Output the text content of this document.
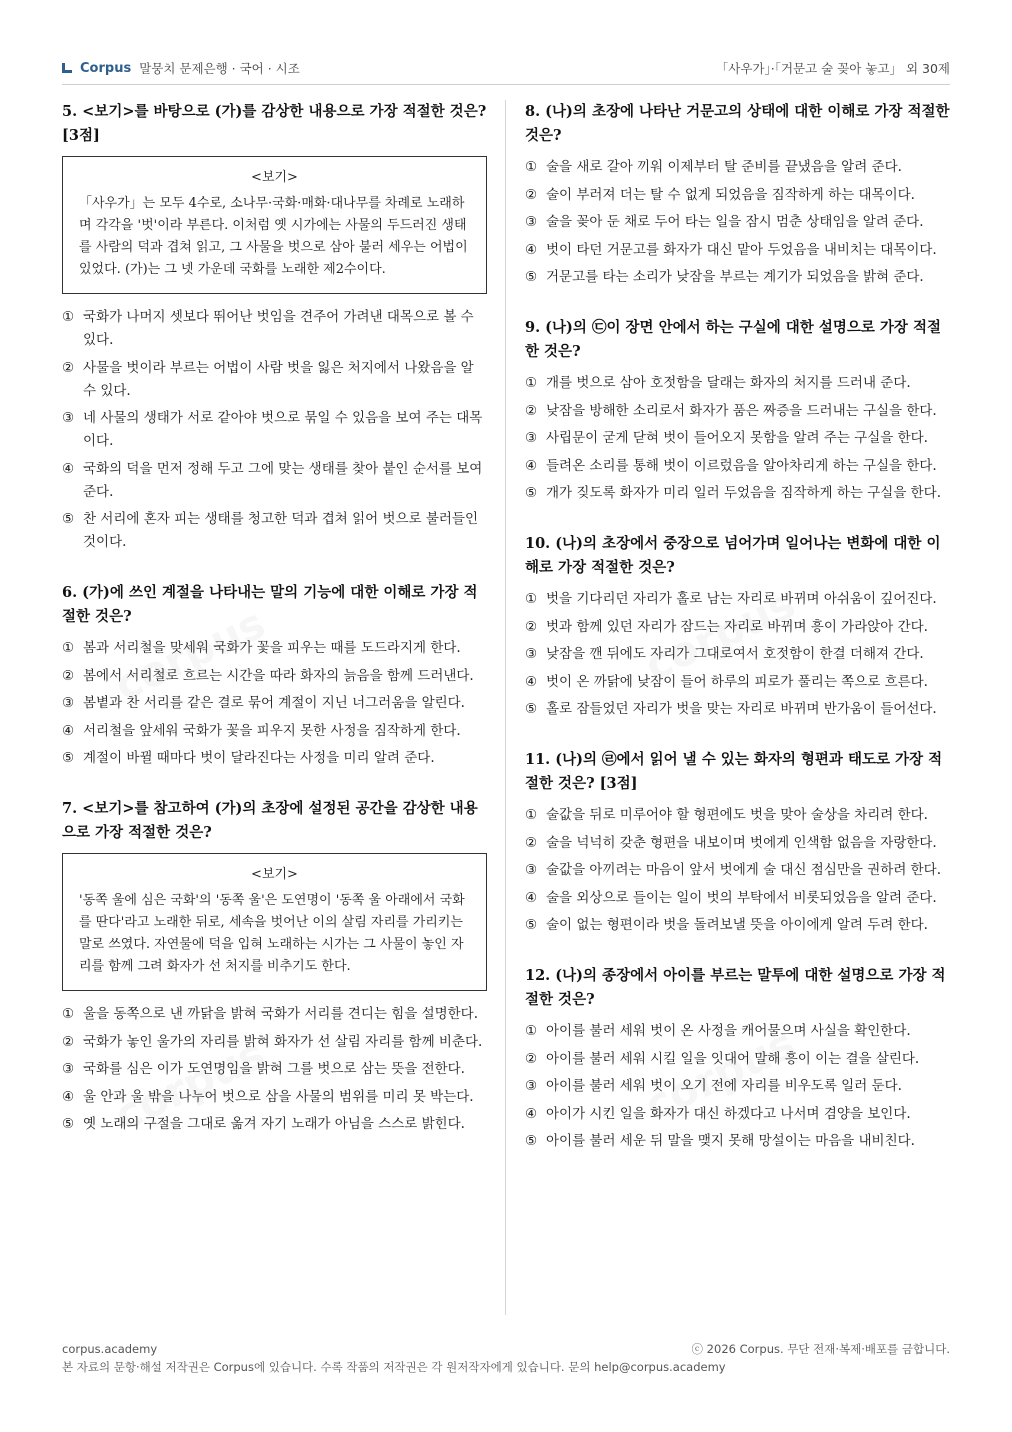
Corpus 말뭉치 문제은행 · 국어 · 시조	「사우가」·「거문고 술 꽂아 놓고」 외 30제

5. <보기>를 바탕으로 (가)를 감상한 내용으로 가장 적절한 것은? [3점]

<보기>

「사우가」는 모두 4수로, 소나무·국화·매화·대나무를 차례로 노래하며 각각을 '벗'이라 부른다. 이처럼 옛 시가에는 사물의 두드러진 생태를 사람의 덕과 겹쳐 읽고, 그 사물을 벗으로 삼아 불러 세우는 어법이 있었다. (가)는 그 넷 가운데 국화를 노래한 제2수이다.

① 국화가 나머지 셋보다 뛰어난 벗임을 견주어 가려낸 대목으로 볼 수 있다.
② 사물을 벗이라 부르는 어법이 사람 벗을 잃은 처지에서 나왔음을 알 수 있다.
③ 네 사물의 생태가 서로 같아야 벗으로 묶일 수 있음을 보여 주는 대목이다.
④ 국화의 덕을 먼저 정해 두고 그에 맞는 생태를 찾아 붙인 순서를 보여 준다.
⑤ 찬 서리에 혼자 피는 생태를 청고한 덕과 겹쳐 읽어 벗으로 불러들인 것이다.

6. (가)에 쓰인 계절을 나타내는 말의 기능에 대한 이해로 가장 적절한 것은?

① 봄과 서리철을 맞세워 국화가 꽃을 피우는 때를 도드라지게 한다.
② 봄에서 서리철로 흐르는 시간을 따라 화자의 늙음을 함께 드러낸다.
③ 봄볕과 찬 서리를 같은 결로 묶어 계절이 지닌 너그러움을 알린다.
④ 서리철을 앞세워 국화가 꽃을 피우지 못한 사정을 짐작하게 한다.
⑤ 계절이 바뀔 때마다 벗이 달라진다는 사정을 미리 알려 준다.

7. <보기>를 참고하여 (가)의 초장에 설정된 공간을 감상한 내용으로 가장 적절한 것은?

<보기>

'동쪽 울에 심은 국화'의 '동쪽 울'은 도연명이 '동쪽 울 아래에서 국화를 딴다'라고 노래한 뒤로, 세속을 벗어난 이의 살림 자리를 가리키는 말로 쓰였다. 자연물에 덕을 입혀 노래하는 시가는 그 사물이 놓인 자리를 함께 그려 화자가 선 처지를 비추기도 한다.

① 울을 동쪽으로 낸 까닭을 밝혀 국화가 서리를 견디는 힘을 설명한다.
② 국화가 놓인 울가의 자리를 밝혀 화자가 선 살림 자리를 함께 비춘다.
③ 국화를 심은 이가 도연명임을 밝혀 그를 벗으로 삼는 뜻을 전한다.
④ 울 안과 울 밖을 나누어 벗으로 삼을 사물의 범위를 미리 못 박는다.
⑤ 옛 노래의 구절을 그대로 옮겨 자기 노래가 아님을 스스로 밝힌다.

8. (나)의 초장에 나타난 거문고의 상태에 대한 이해로 가장 적절한 것은?

① 술을 새로 갈아 끼워 이제부터 탈 준비를 끝냈음을 알려 준다.
② 술이 부러져 더는 탈 수 없게 되었음을 짐작하게 하는 대목이다.
③ 술을 꽂아 둔 채로 두어 타는 일을 잠시 멈춘 상태임을 알려 준다.
④ 벗이 타던 거문고를 화자가 대신 맡아 두었음을 내비치는 대목이다.
⑤ 거문고를 타는 소리가 낮잠을 부르는 계기가 되었음을 밝혀 준다.

9. (나)의 ㉢이 장면 안에서 하는 구실에 대한 설명으로 가장 적절한 것은?

① 개를 벗으로 삼아 호젓함을 달래는 화자의 처지를 드러내 준다.
② 낮잠을 방해한 소리로서 화자가 품은 짜증을 드러내는 구실을 한다.
③ 사립문이 굳게 닫혀 벗이 들어오지 못함을 알려 주는 구실을 한다.
④ 들려온 소리를 통해 벗이 이르렀음을 알아차리게 하는 구실을 한다.
⑤ 개가 짖도록 화자가 미리 일러 두었음을 짐작하게 하는 구실을 한다.

10. (나)의 초장에서 중장으로 넘어가며 일어나는 변화에 대한 이해로 가장 적절한 것은?

① 벗을 기다리던 자리가 홀로 남는 자리로 바뀌며 아쉬움이 깊어진다.
② 벗과 함께 있던 자리가 잠드는 자리로 바뀌며 흥이 가라앉아 간다.
③ 낮잠을 깬 뒤에도 자리가 그대로여서 호젓함이 한결 더해져 간다.
④ 벗이 온 까닭에 낮잠이 들어 하루의 피로가 풀리는 쪽으로 흐른다.
⑤ 홀로 잠들었던 자리가 벗을 맞는 자리로 바뀌며 반가움이 들어선다.

11. (나)의 ㉣에서 읽어 낼 수 있는 화자의 형편과 태도로 가장 적절한 것은? [3점]

① 술값을 뒤로 미루어야 할 형편에도 벗을 맞아 술상을 차리려 한다.
② 술을 넉넉히 갖춘 형편을 내보이며 벗에게 인색함 없음을 자랑한다.
③ 술값을 아끼려는 마음이 앞서 벗에게 술 대신 점심만을 권하려 한다.
④ 술을 외상으로 들이는 일이 벗의 부탁에서 비롯되었음을 알려 준다.
⑤ 술이 없는 형편이라 벗을 돌려보낼 뜻을 아이에게 알려 두려 한다.

12. (나)의 종장에서 아이를 부르는 말투에 대한 설명으로 가장 적절한 것은?

① 아이를 불러 세워 벗이 온 사정을 캐어물으며 사실을 확인한다.
② 아이를 불러 세워 시킬 일을 잇대어 말해 흥이 이는 결을 살린다.
③ 아이를 불러 세워 벗이 오기 전에 자리를 비우도록 일러 둔다.
④ 아이가 시킨 일을 화자가 대신 하겠다고 나서며 겸양을 보인다.
⑤ 아이를 불러 세운 뒤 말을 맺지 못해 망설이는 마음을 내비친다.
corpus.academy	ⓒ 2026 Corpus. 무단 전재·복제·배포를 금합니다.
본 자료의 문항·해설 저작권은 Corpus에 있습니다. 수록 작품의 저작권은 각 원저작자에게 있습니다. 문의 help@corpus.academy
